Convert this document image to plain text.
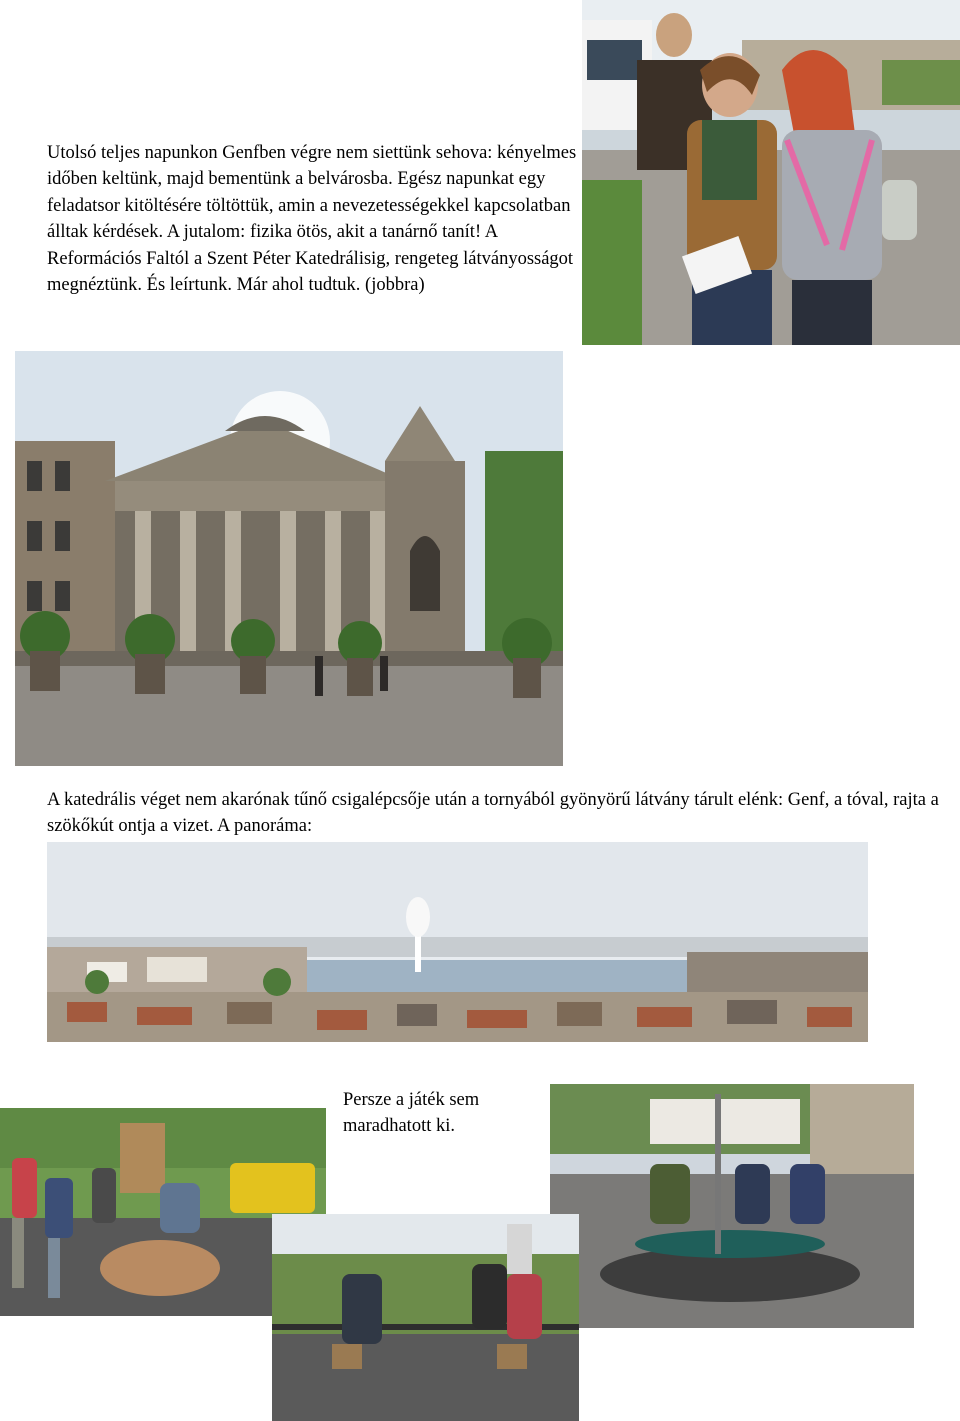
Utolsó teljes napunkon Genfben végre nem siettünk sehova: kényelmes időben keltünk, majd bementünk a belvárosba. Egész napunkat egy feladatsor kitöltésére töltöttük, amin a nevezetességekkel kapcsolatban álltak kérdések. A jutalom: fizika ötös, akit a tanárnő tanít! A Reformációs Faltól a Szent Péter Katedrálisig, rengeteg látványosságot megnéztünk. És leírtunk. Már ahol tudtuk. (jobbra)

A katedrális véget nem akarónak tűnő csigalépcsője után a tornyából gyönyörű látvány tárult elénk: Genf, a tóval, rajta a szökőkút ontja a vizet. A panoráma:

Persze a játék sem maradhatott ki.
